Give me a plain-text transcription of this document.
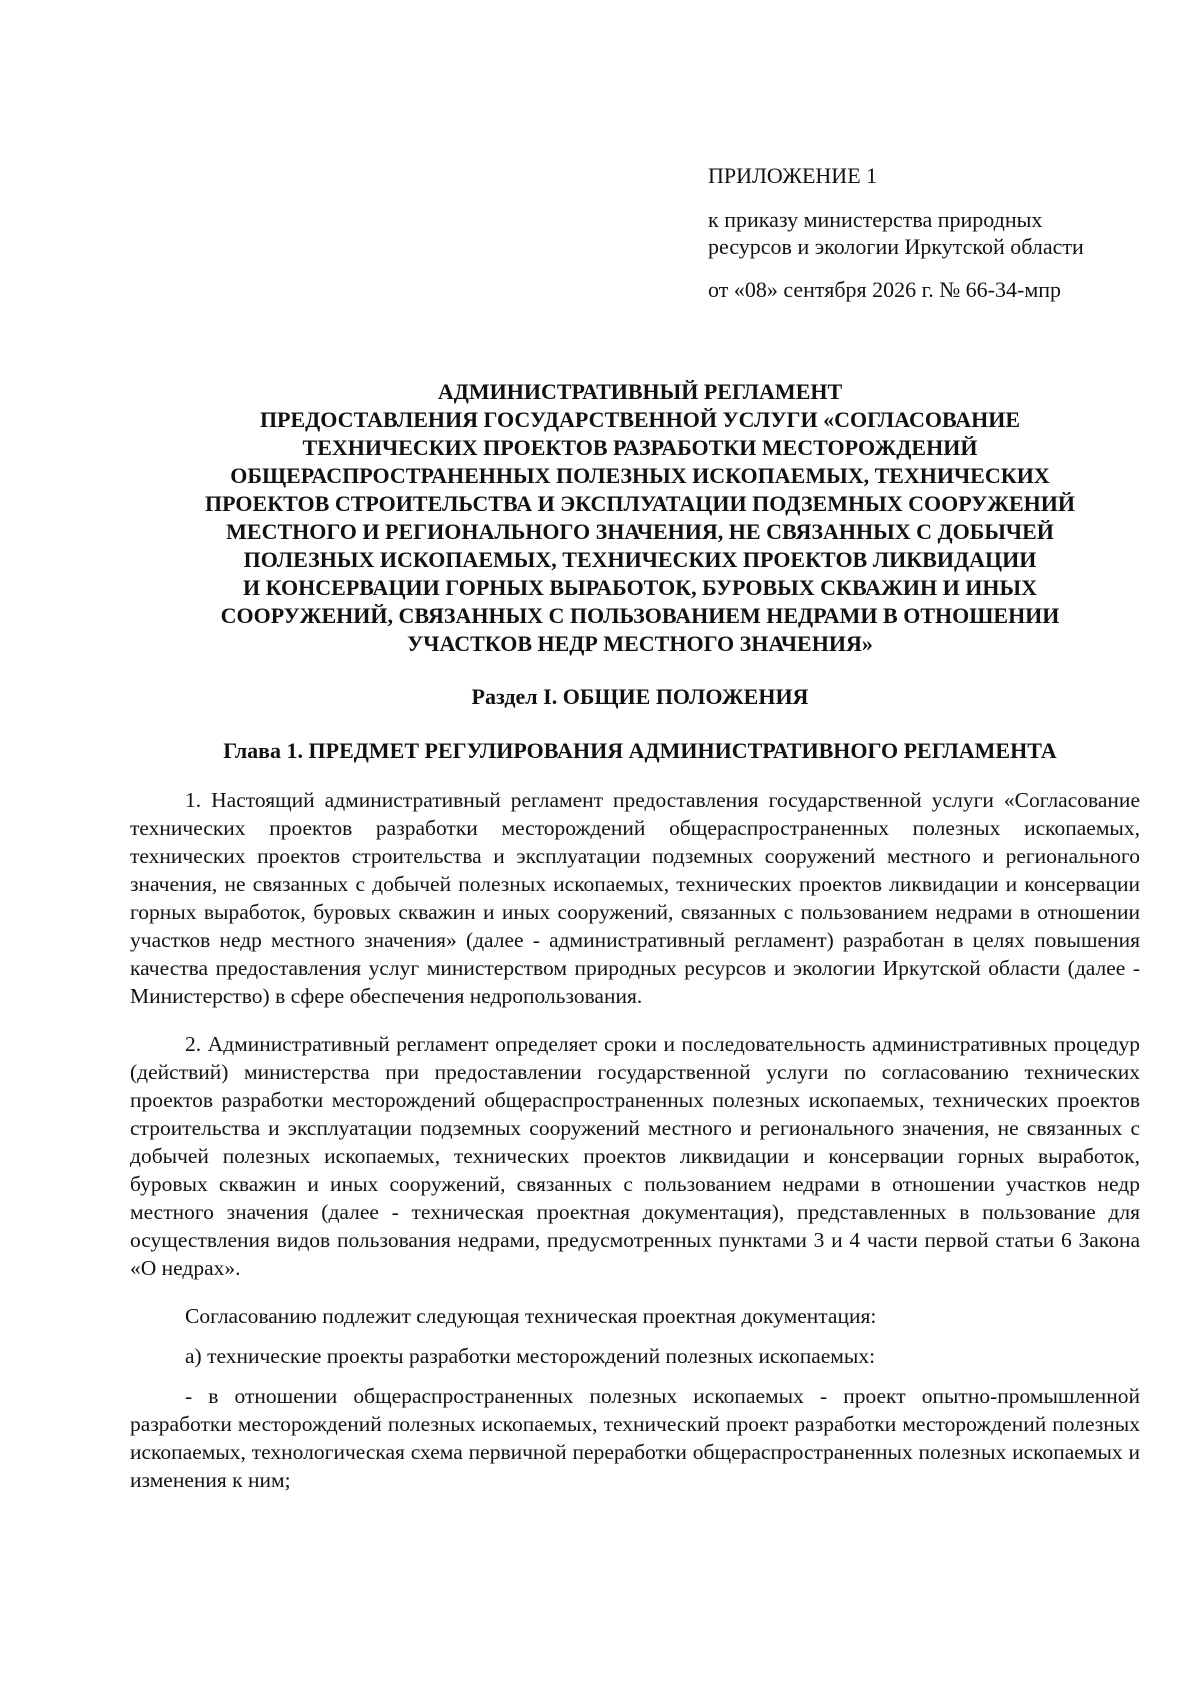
ПРИЛОЖЕНИЕ 1

к приказу министерства природных
ресурсов и экологии Иркутской области

от «08» сентября 2026 г. № 66-34-мпр

АДМИНИСТРАТИВНЫЙ РЕГЛАМЕНТ
ПРЕДОСТАВЛЕНИЯ ГОСУДАРСТВЕННОЙ УСЛУГИ «СОГЛАСОВАНИЕ
ТЕХНИЧЕСКИХ ПРОЕКТОВ РАЗРАБОТКИ МЕСТОРОЖДЕНИЙ
ОБЩЕРАСПРОСТРАНЕННЫХ ПОЛЕЗНЫХ ИСКОПАЕМЫХ, ТЕХНИЧЕСКИХ
ПРОЕКТОВ СТРОИТЕЛЬСТВА И ЭКСПЛУАТАЦИИ ПОДЗЕМНЫХ СООРУЖЕНИЙ
МЕСТНОГО И РЕГИОНАЛЬНОГО ЗНАЧЕНИЯ, НЕ СВЯЗАННЫХ С ДОБЫЧЕЙ
ПОЛЕЗНЫХ ИСКОПАЕМЫХ, ТЕХНИЧЕСКИХ ПРОЕКТОВ ЛИКВИДАЦИИ
И КОНСЕРВАЦИИ ГОРНЫХ ВЫРАБОТОК, БУРОВЫХ СКВАЖИН И ИНЫХ
СООРУЖЕНИЙ, СВЯЗАННЫХ С ПОЛЬЗОВАНИЕМ НЕДРАМИ В ОТНОШЕНИИ
УЧАСТКОВ НЕДР МЕСТНОГО ЗНАЧЕНИЯ»
Раздел I. ОБЩИЕ ПОЛОЖЕНИЯ
Глава 1. ПРЕДМЕТ РЕГУЛИРОВАНИЯ АДМИНИСТРАТИВНОГО РЕГЛАМЕНТА

1. Настоящий административный регламент предоставления государственной услуги «Согласование технических проектов разработки месторождений общераспространенных полезных ископаемых, технических проектов строительства и эксплуатации подземных сооружений местного и регионального значения, не связанных с добычей полезных ископаемых, технических проектов ликвидации и консервации горных выработок, буровых скважин и иных сооружений, связанных с пользованием недрами в отношении участков недр местного значения» (далее - административный регламент) разработан в целях повышения качества предоставления услуг министерством природных ресурсов и экологии Иркутской области (далее - Министерство) в сфере обеспечения недропользования.

2. Административный регламент определяет сроки и последовательность административных процедур (действий) министерства при предоставлении государственной услуги по согласованию технических проектов разработки месторождений общераспространенных полезных ископаемых, технических проектов строительства и эксплуатации подземных сооружений местного и регионального значения, не связанных с добычей полезных ископаемых, технических проектов ликвидации и консервации горных выработок, буровых скважин и иных сооружений, связанных с пользованием недрами в отношении участков недр местного значения (далее - техническая проектная документация), представленных в пользование для осуществления видов пользования недрами, предусмотренных пунктами 3 и 4 части первой статьи 6 Закона «О недрах».

Согласованию подлежит следующая техническая проектная документация:

а) технические проекты разработки месторождений полезных ископаемых:

- в отношении общераспространенных полезных ископаемых - проект опытно-промышленной разработки месторождений полезных ископаемых, технический проект разработки месторождений полезных ископаемых, технологическая схема первичной переработки общераспространенных полезных ископаемых и изменения к ним;
